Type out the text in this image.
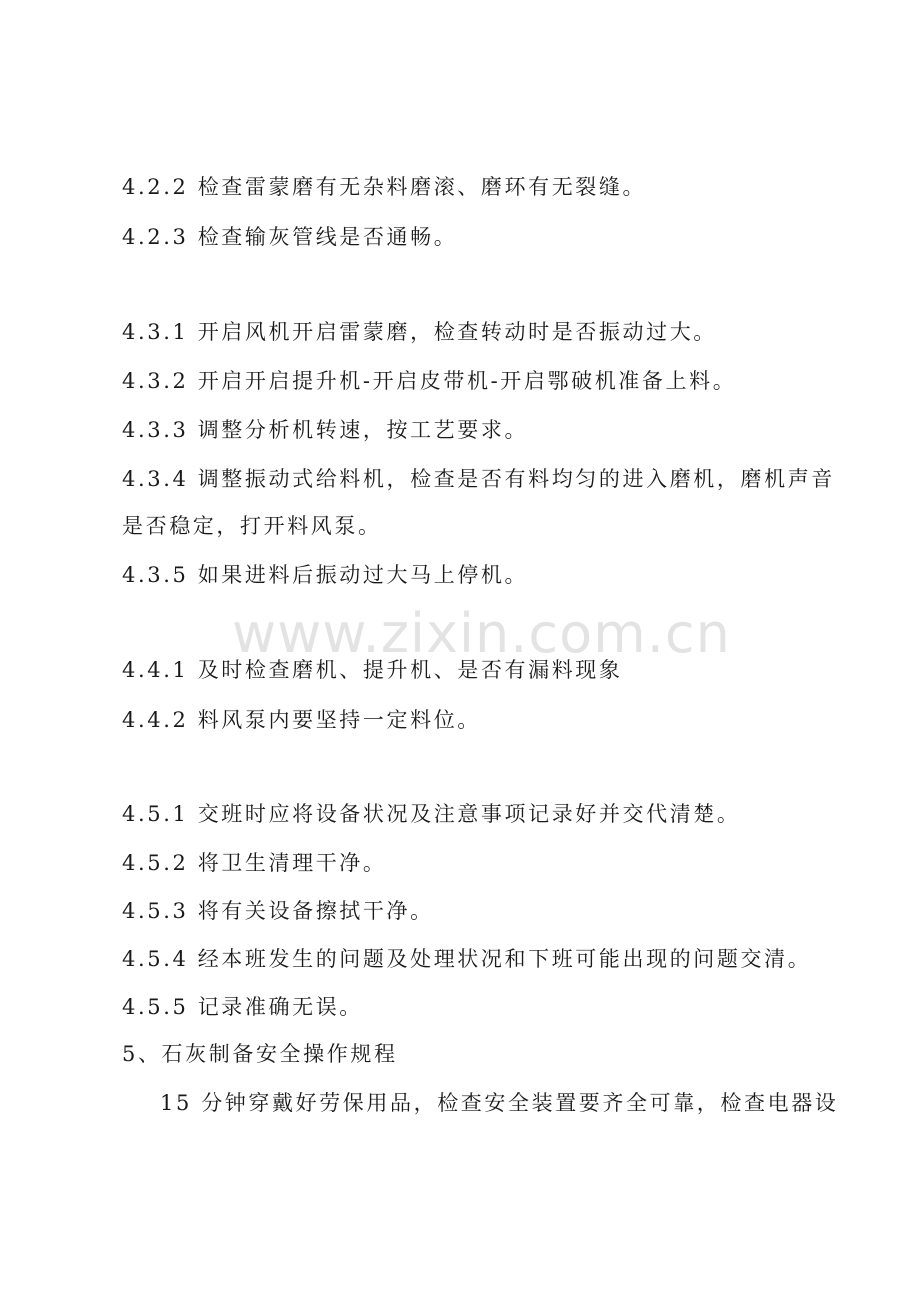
www.zixin.com.cn
4.2.2 检查雷蒙磨有无杂料磨滚、磨环有无裂缝。
4.2.3 检查输灰管线是否通畅。
4.3.1 开启风机开启雷蒙磨，检查转动时是否振动过大。
4.3.2 开启开启提升机-开启皮带机-开启鄂破机准备上料。
4.3.3 调整分析机转速，按工艺要求。
4.3.4 调整振动式给料机，检查是否有料均匀的进入磨机，磨机声音
是否稳定，打开料风泵。
4.3.5 如果进料后振动过大马上停机。
4.4.1 及时检查磨机、提升机、是否有漏料现象
4.4.2 料风泵内要坚持一定料位。
4.5.1 交班时应将设备状况及注意事项记录好并交代清楚。
4.5.2 将卫生清理干净。
4.5.3 将有关设备擦拭干净。
4.5.4 经本班发生的问题及处理状况和下班可能出现的问题交清。
4.5.5 记录准确无误。
5、石灰制备安全操作规程
15 分钟穿戴好劳保用品，检查安全装置要齐全可靠，检查电器设
